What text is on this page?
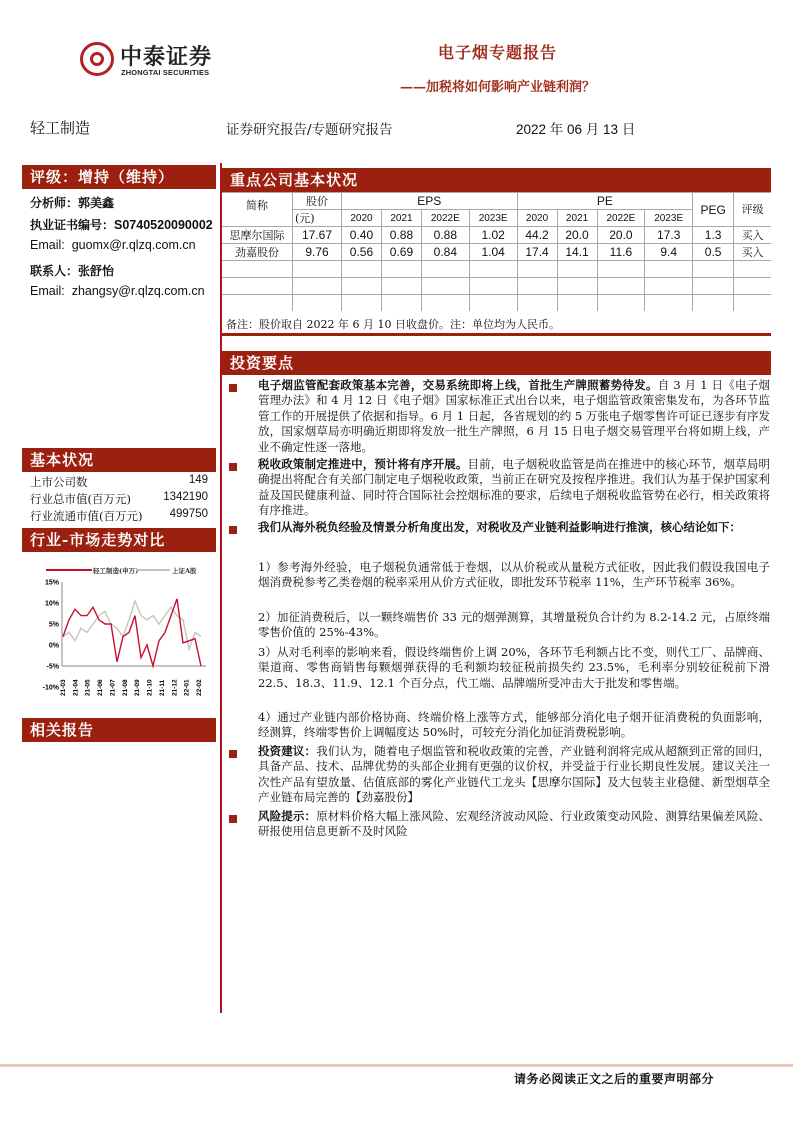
中泰证券
ZHONGTAI SECURITIES
电子烟专题报告
——加税将如何影响产业链利润？
轻工制造	证券研究报告/专题研究报告	2022 年 06 月 13 日
评级：增持（维持）
分析师：郭美鑫
执业证书编号：S0740520090002
Email: guomx@r.qlzq.com.cn
联系人：张舒怡
Email: zhangsy@r.qlzq.com.cn
基本状况
上市公司数	149
行业总市值(百万元)	1342190
行业流通市值(百万元) 499750
行业-市场走势对比
轻工制造(申万)	上证A股
15%
10%
5%
0%
-5%
-10% 21-03 21-04 21-05 21-06 21-07 21-08 21-09 21-10 21-11 21-12 22-01 22-02
相关报告
重点公司基本状况
简称	股价	EPS				PE				PEG	评级
	(元)	2020	2021	2022E	2023E	2020	2021	2022E	2023E		
思摩尔国际	17.67	0.40	0.88	0.88	1.02	44.2	20.0	20.0	17.3	1.3	买入
劲嘉股份	9.76	0.56	0.69	0.84	1.04	17.4	14.1	11.6	9.4	0.5	买入

备注：股价取自 2022 年 6 月 10 日收盘价。注：单位均为人民币。
投资要点
电子烟监管配套政策基本完善，交易系统即将上线，首批生产牌照蓄势待发。自 3 月 1 日《电子烟管理办法》和 4 月 12 日《电子烟》国家标准正式出台以来，电子烟监管政策密集发布，为各环节监管工作的开展提供了依据和指导。6 月 1 日起，各省规划的约 5 万张电子烟零售许可证已逐步有序发放，国家烟草局亦明确近期即将发放一批生产牌照，6 月 15 日电子烟交易管理平台将如期上线，产业不确定性逐一落地。
税收政策制定推进中，预计将有序开展。目前，电子烟税收监管是尚在推进中的核心环节，烟草局明确提出将配合有关部门制定电子烟税收政策，当前正在研究及按程序推进。我们认为基于保护国家利益及国民健康利益、同时符合国际社会控烟标准的要求，后续电子烟税收监管势在必行，相关政策将有序推进。
我们从海外税负经验及情景分析角度出发，对税收及产业链利益影响进行推演，核心结论如下：
1）参考海外经验，电子烟税负通常低于卷烟，以从价税或从量税方式征收，因此我们假设我国电子烟消费税参考乙类卷烟的税率采用从价方式征收，即批发环节税率 11%，生产环节税率 36%。
2）加征消费税后，以一颗终端售价 33 元的烟弹测算，其增量税负合计约为 8.2-14.2 元，占原终端零售价值的 25%-43%。
3）从对毛利率的影响来看，假设终端售价上调 20%，各环节毛利额占比不变，则代工厂、品牌商、渠道商、零售商销售每颗烟弹获得的毛利额均较征税前损失约 23.5%，毛利率分别较征税前下滑 22.5、18.3、11.9、12.1 个百分点，代工端、品牌端所受冲击大于批发和零售端。
4）通过产业链内部价格协商、终端价格上涨等方式，能够部分消化电子烟开征消费税的负面影响，经测算，终端零售价上调幅度达 50%时，可较充分消化加征消费税影响。
投资建议：我们认为，随着电子烟监管和税收政策的完善，产业链利润将完成从超额到正常的回归，具备产品、技术、品牌优势的头部企业拥有更强的议价权，并受益于行业长期良性发展。建议关注一次性产品有望放量、估值底部的雾化产业链代工龙头【思摩尔国际】及大包装主业稳健、新型烟草全产业链布局完善的【劲嘉股份】
风险提示：原材料价格大幅上涨风险、宏观经济波动风险、行业政策变动风险、测算结果偏差风险、研报使用信息更新不及时风险
请务必阅读正文之后的重要声明部分
